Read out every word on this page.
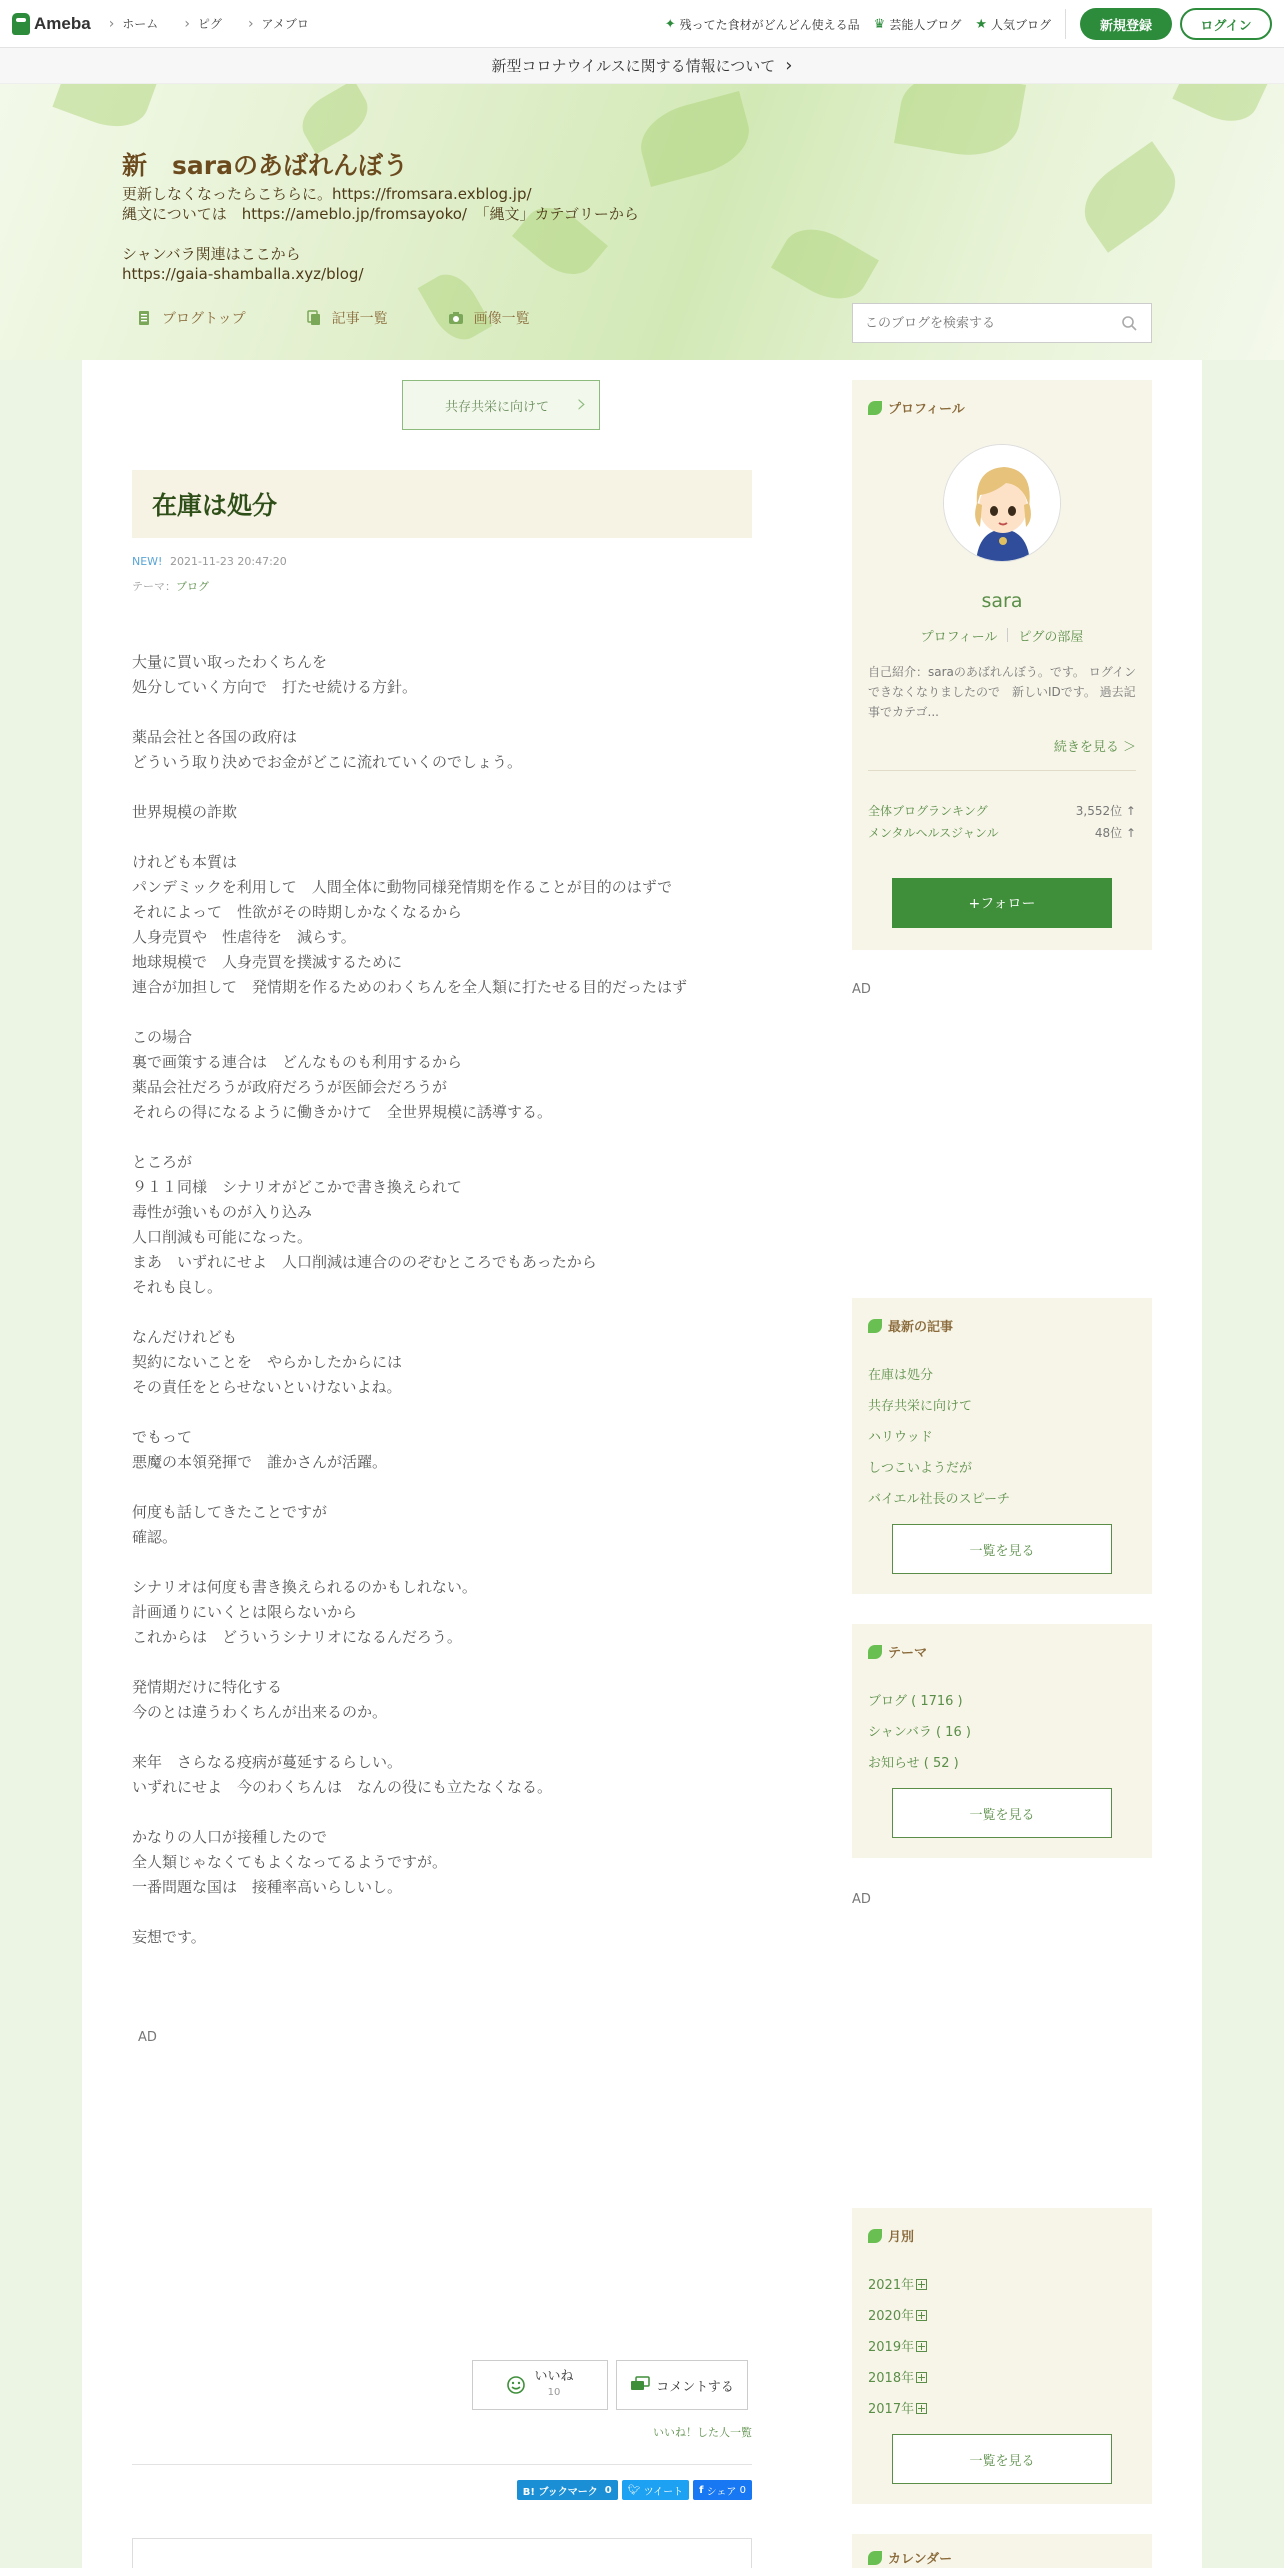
Ameba	› ホーム	› ピグ	› アメブロ	✦ 残ってた食材がどんどん使える品 ♛ 芸能人ブログ ★ 人気ブログ	新規登録	ログイン
新型コロナウイルスに関する情報について ›
新　saraのあばれんぼう
更新しなくなったらこちらに。https://fromsara.exblog.jp/
縄文については　https://ameblo.jp/fromsayoko/　「縄文」カテゴリーから
シャンバラ関連はここから
https://gaia-shamballa.xyz/blog/
ブログトップ	記事一覧	画像一覧
このブログを検索する
共存共栄に向けて ›
在庫は処分
NEW! 2021-11-23 20:47:20
テーマ：ブログ

大量に買い取ったわくちんを

処分していく方向で　打たせ続ける方針。

薬品会社と各国の政府は

どういう取り決めでお金がどこに流れていくのでしょう。

世界規模の詐欺

けれども本質は

パンデミックを利用して　人間全体に動物同様発情期を作ることが目的のはずで

それによって　性欲がその時期しかなくなるから

人身売買や　性虐待を　減らす。

地球規模で　人身売買を撲滅するために

連合が加担して　発情期を作るためのわくちんを全人類に打たせる目的だったはず

この場合

裏で画策する連合は　どんなものも利用するから

薬品会社だろうが政府だろうが医師会だろうが

それらの得になるように働きかけて　全世界規模に誘導する。

ところが

９１１同様　シナリオがどこかで書き換えられて

毒性が強いものが入り込み

人口削減も可能になった。

まあ　いずれにせよ　人口削減は連合ののぞむところでもあったから

それも良し。

なんだけれども

契約にないことを　やらかしたからには

その責任をとらせないといけないよね。

でもって

悪魔の本領発揮で　誰かさんが活躍。

何度も話してきたことですが

確認。

シナリオは何度も書き換えられるのかもしれない。

計画通りにいくとは限らないから

これからは　どういうシナリオになるんだろう。

発情期だけに特化する

今のとは違うわくちんが出来るのか。

来年　さらなる疫病が蔓延するらしい。

いずれにせよ　今のわくちんは　なんの役にも立たなくなる。

かなりの人口が接種したので

全人類じゃなくてもよくなってるようですが。

一番問題な国は　接種率高いらしいし。

妄想です。

AD
いいね
10	コメントする
いいね！した人一覧
B! ブックマーク
0 🐦︎
ツイート f
シェア
0
プロフィール
sara
プロフィール ピグの部屋
自己紹介：saraのあばれんぼう。です。 ログインできなくなりましたので　新しいIDです。 過去記事でカテゴ...
続きを見る ＞
全体ブログランキング	3,552位 ↑
メンタルヘルスジャンル	48位 ↑
+フォロー
AD
最新の記事
在庫は処分
共存共栄に向けて
ハリウッド
しつこいようだが
バイエル社長のスピーチ
一覧を見る
テーマ
ブログ ( 1716 )
シャンバラ ( 16 )
お知らせ ( 52 )
一覧を見る
AD
月別
2021年
2020年
2019年
2018年
2017年
一覧を見る
カレンダー
